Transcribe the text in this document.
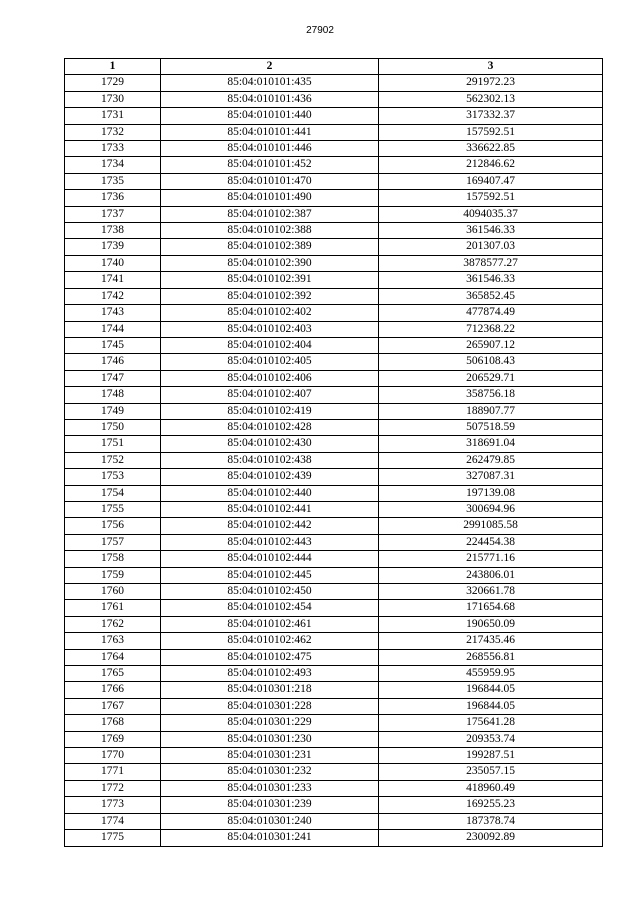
27902
1	2	3
1729	85:04:010101:435	291972.23
1730	85:04:010101:436	562302.13
1731	85:04:010101:440	317332.37
1732	85:04:010101:441	157592.51
1733	85:04:010101:446	336622.85
1734	85:04:010101:452	212846.62
1735	85:04:010101:470	169407.47
1736	85:04:010101:490	157592.51
1737	85:04:010102:387	4094035.37
1738	85:04:010102:388	361546.33
1739	85:04:010102:389	201307.03
1740	85:04:010102:390	3878577.27
1741	85:04:010102:391	361546.33
1742	85:04:010102:392	365852.45
1743	85:04:010102:402	477874.49
1744	85:04:010102:403	712368.22
1745	85:04:010102:404	265907.12
1746	85:04:010102:405	506108.43
1747	85:04:010102:406	206529.71
1748	85:04:010102:407	358756.18
1749	85:04:010102:419	188907.77
1750	85:04:010102:428	507518.59
1751	85:04:010102:430	318691.04
1752	85:04:010102:438	262479.85
1753	85:04:010102:439	327087.31
1754	85:04:010102:440	197139.08
1755	85:04:010102:441	300694.96
1756	85:04:010102:442	2991085.58
1757	85:04:010102:443	224454.38
1758	85:04:010102:444	215771.16
1759	85:04:010102:445	243806.01
1760	85:04:010102:450	320661.78
1761	85:04:010102:454	171654.68
1762	85:04:010102:461	190650.09
1763	85:04:010102:462	217435.46
1764	85:04:010102:475	268556.81
1765	85:04:010102:493	455959.95
1766	85:04:010301:218	196844.05
1767	85:04:010301:228	196844.05
1768	85:04:010301:229	175641.28
1769	85:04:010301:230	209353.74
1770	85:04:010301:231	199287.51
1771	85:04:010301:232	235057.15
1772	85:04:010301:233	418960.49
1773	85:04:010301:239	169255.23
1774	85:04:010301:240	187378.74
1775	85:04:010301:241	230092.89
